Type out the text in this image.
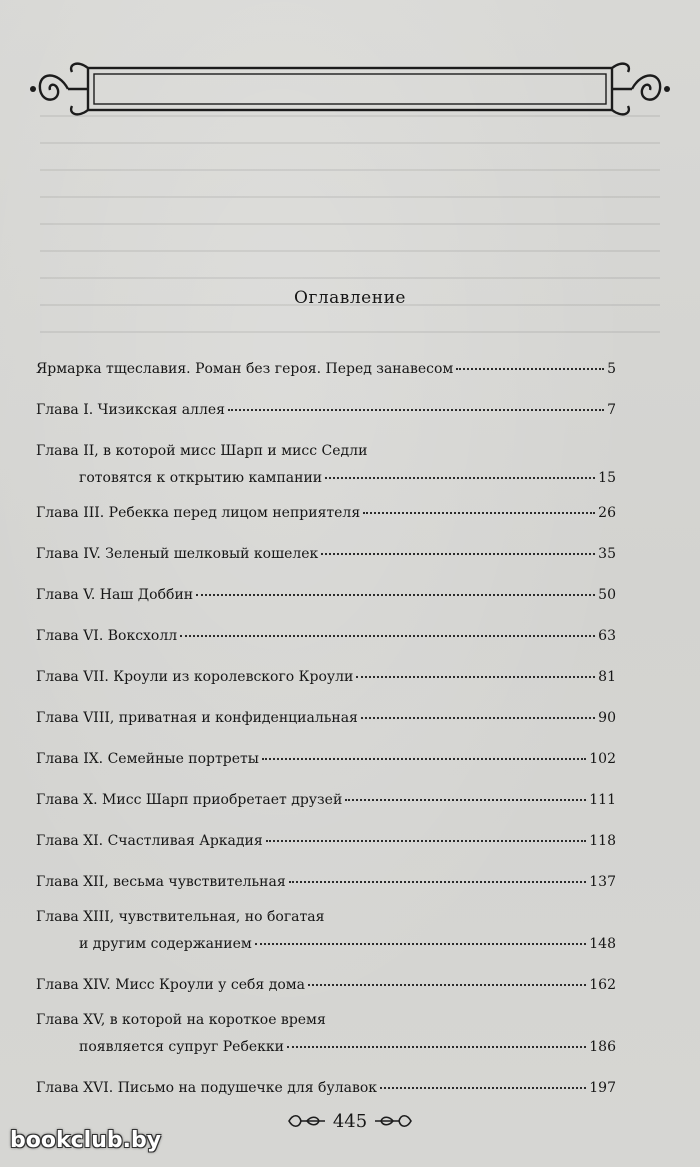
Оглавление
Ярмарка тщеславия. Роман без героя. Перед занавесом	5
Глава I. Чизикская аллея	7
Глава II, в которой мисс Шарп и мисс Седли
готовятся к открытию кампании	15
Глава III. Ребекка перед лицом неприятеля	26
Глава IV. Зеленый шелковый кошелек	35
Глава V. Наш Доббин	50
Глава VI. Воксхолл	63
Глава VII. Кроули из королевского Кроули	81
Глава VIII, приватная и конфиденциальная	90
Глава IX. Семейные портреты	102
Глава X. Мисс Шарп приобретает друзей	111
Глава XI. Счастливая Аркадия	118
Глава XII, весьма чувствительная	137
Глава XIII, чувствительная, но богатая
и другим содержанием	148
Глава XIV. Мисс Кроули у себя дома	162
Глава XV, в которой на короткое время
появляется супруг Ребекки	186
Глава XVI. Письмо на подушечке для булавок	197
445
bookclub.by
